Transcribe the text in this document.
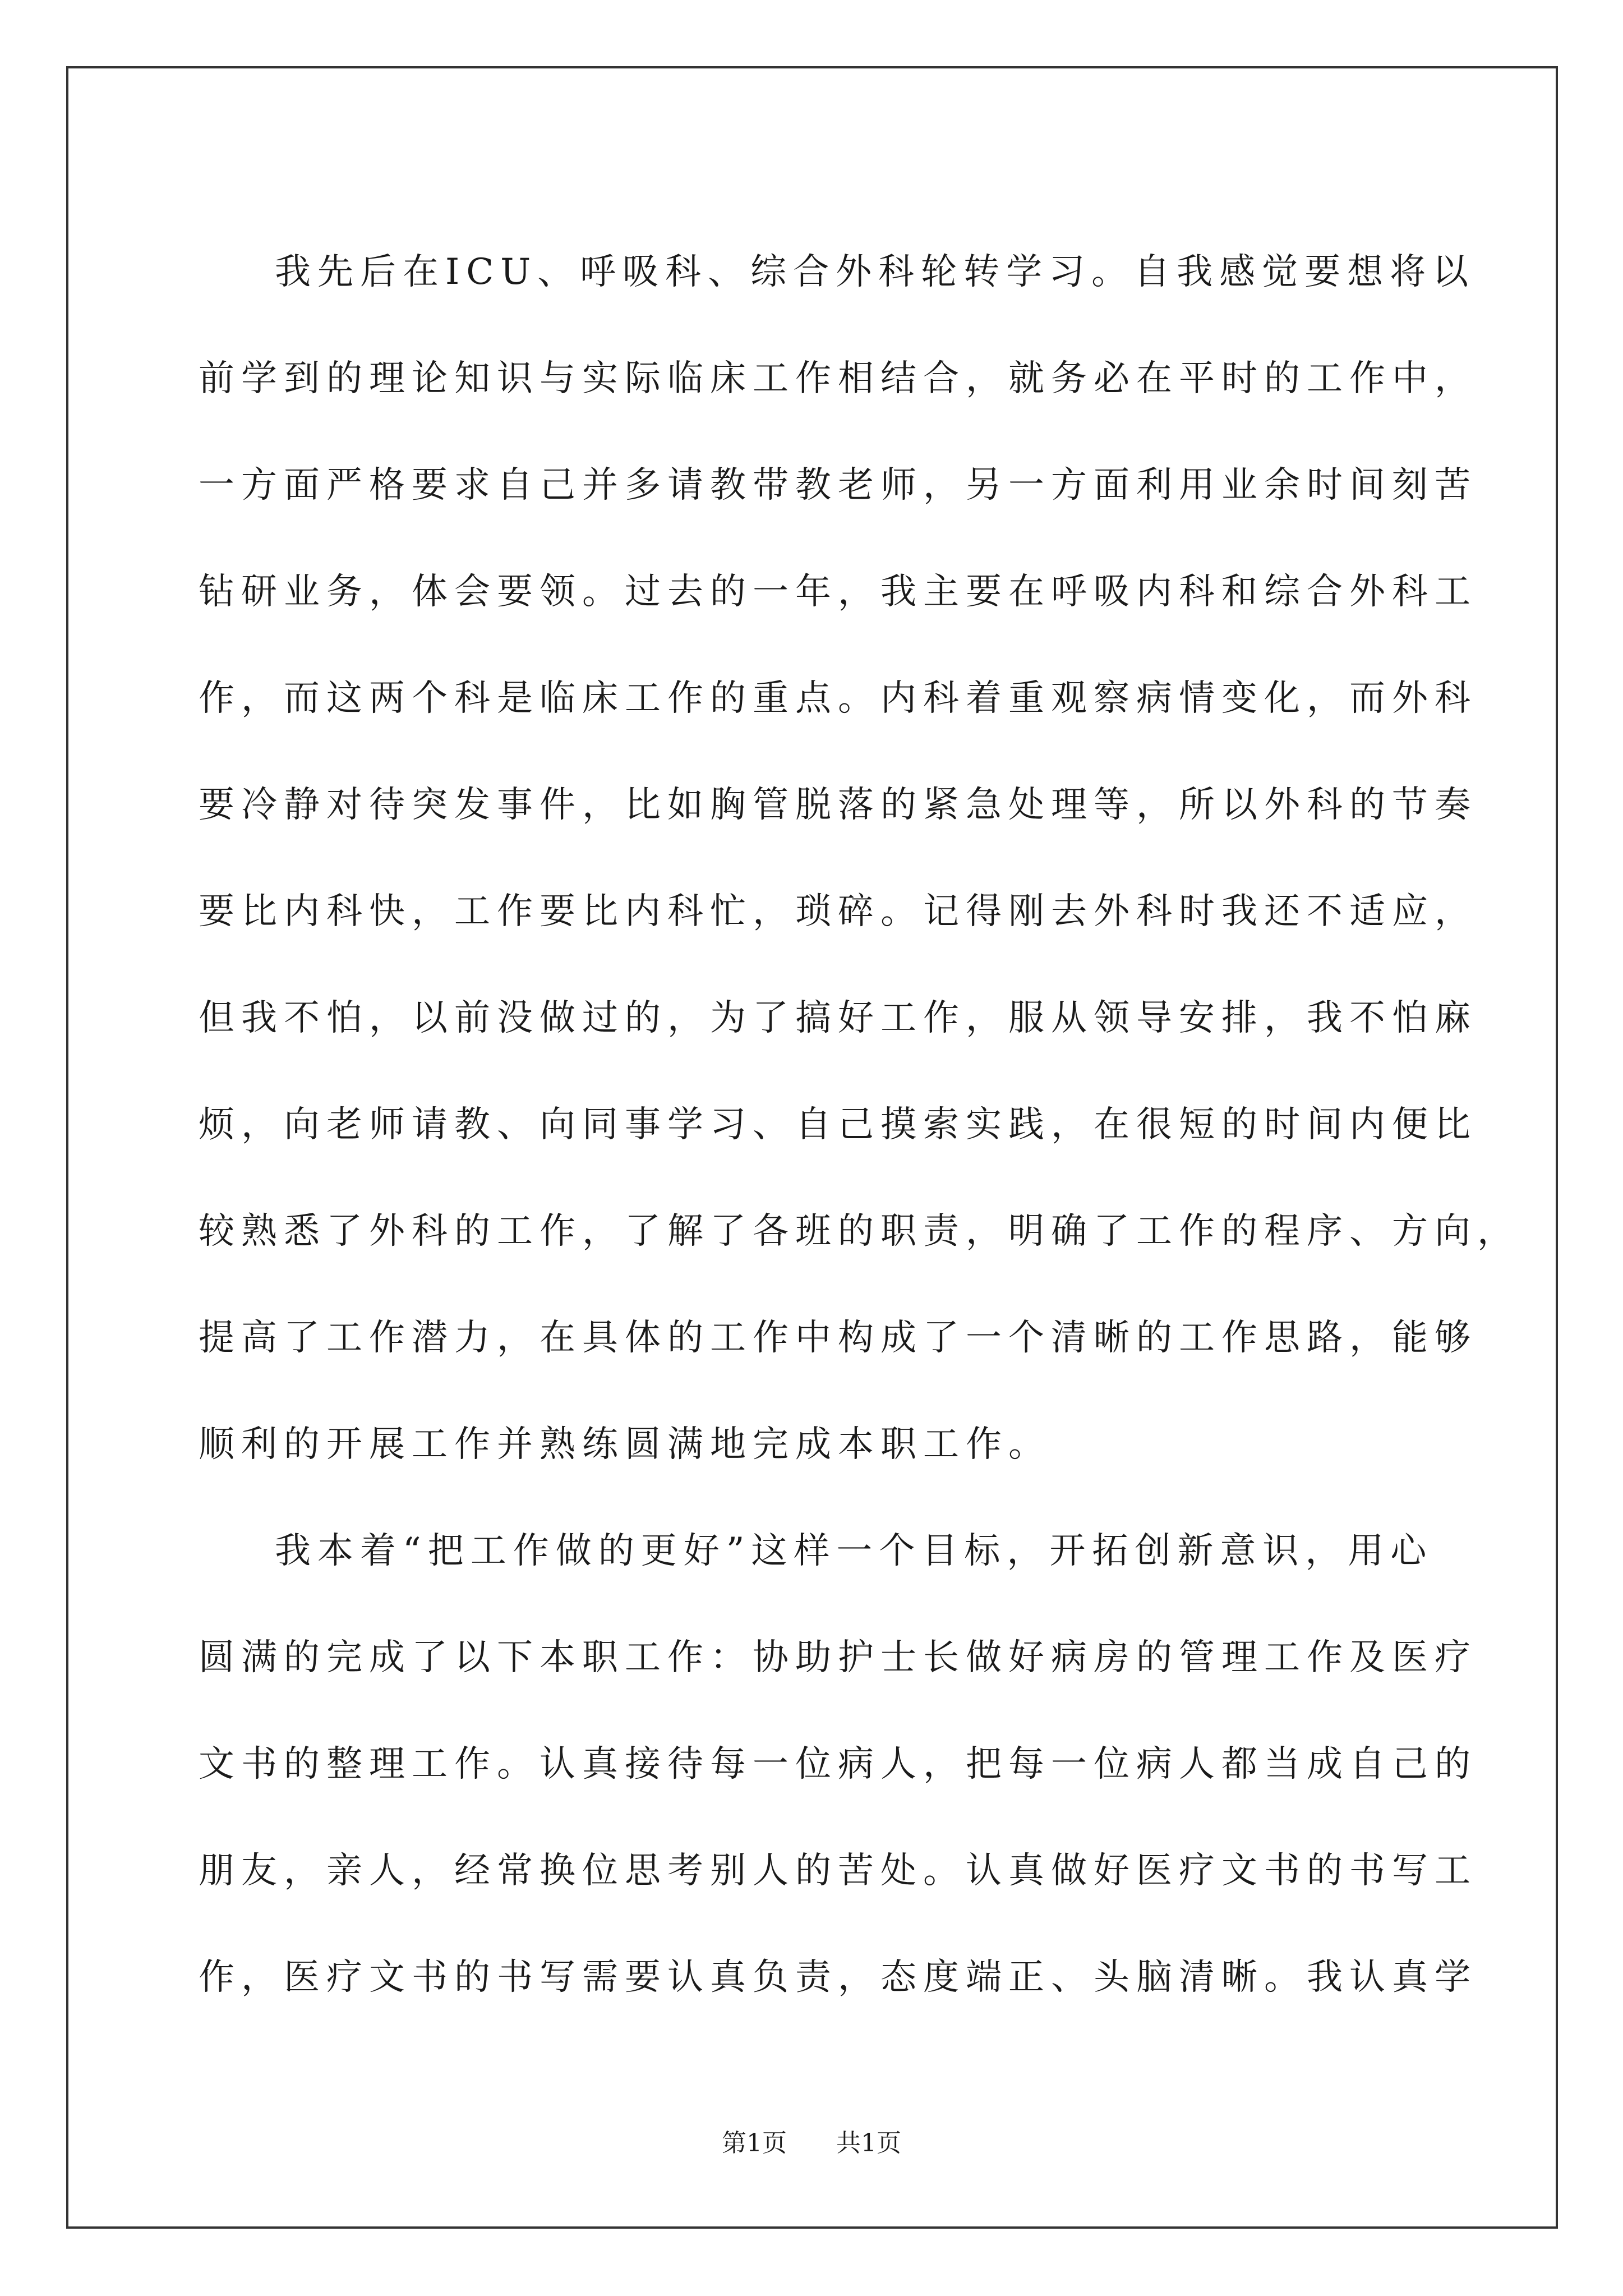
我先后在ICU、呼吸科、综合外科轮转学习。自我感觉要想将以
前学到的理论知识与实际临床工作相结合，就务必在平时的工作中，
一方面严格要求自己并多请教带教老师，另一方面利用业余时间刻苦
钻研业务，体会要领。过去的一年，我主要在呼吸内科和综合外科工
作，而这两个科是临床工作的重点。内科着重观察病情变化，而外科
要冷静对待突发事件，比如胸管脱落的紧急处理等，所以外科的节奏
要比内科快，工作要比内科忙，琐碎。记得刚去外科时我还不适应，
但我不怕，以前没做过的，为了搞好工作，服从领导安排，我不怕麻
烦，向老师请教、向同事学习、自己摸索实践，在很短的时间内便比
较熟悉了外科的工作，了解了各班的职责，明确了工作的程序、方向，
提高了工作潜力，在具体的工作中构成了一个清晰的工作思路，能够
顺利的开展工作并熟练圆满地完成本职工作。

我本着“把工作做的更好”这样一个目标，开拓创新意识，用心
圆满的完成了以下本职工作：协助护士长做好病房的管理工作及医疗
文书的整理工作。认真接待每一位病人，把每一位病人都当成自己的
朋友，亲人，经常换位思考别人的苦处。认真做好医疗文书的书写工
作，医疗文书的书写需要认真负责，态度端正、头脑清晰。我认真学

第1页 共1页
